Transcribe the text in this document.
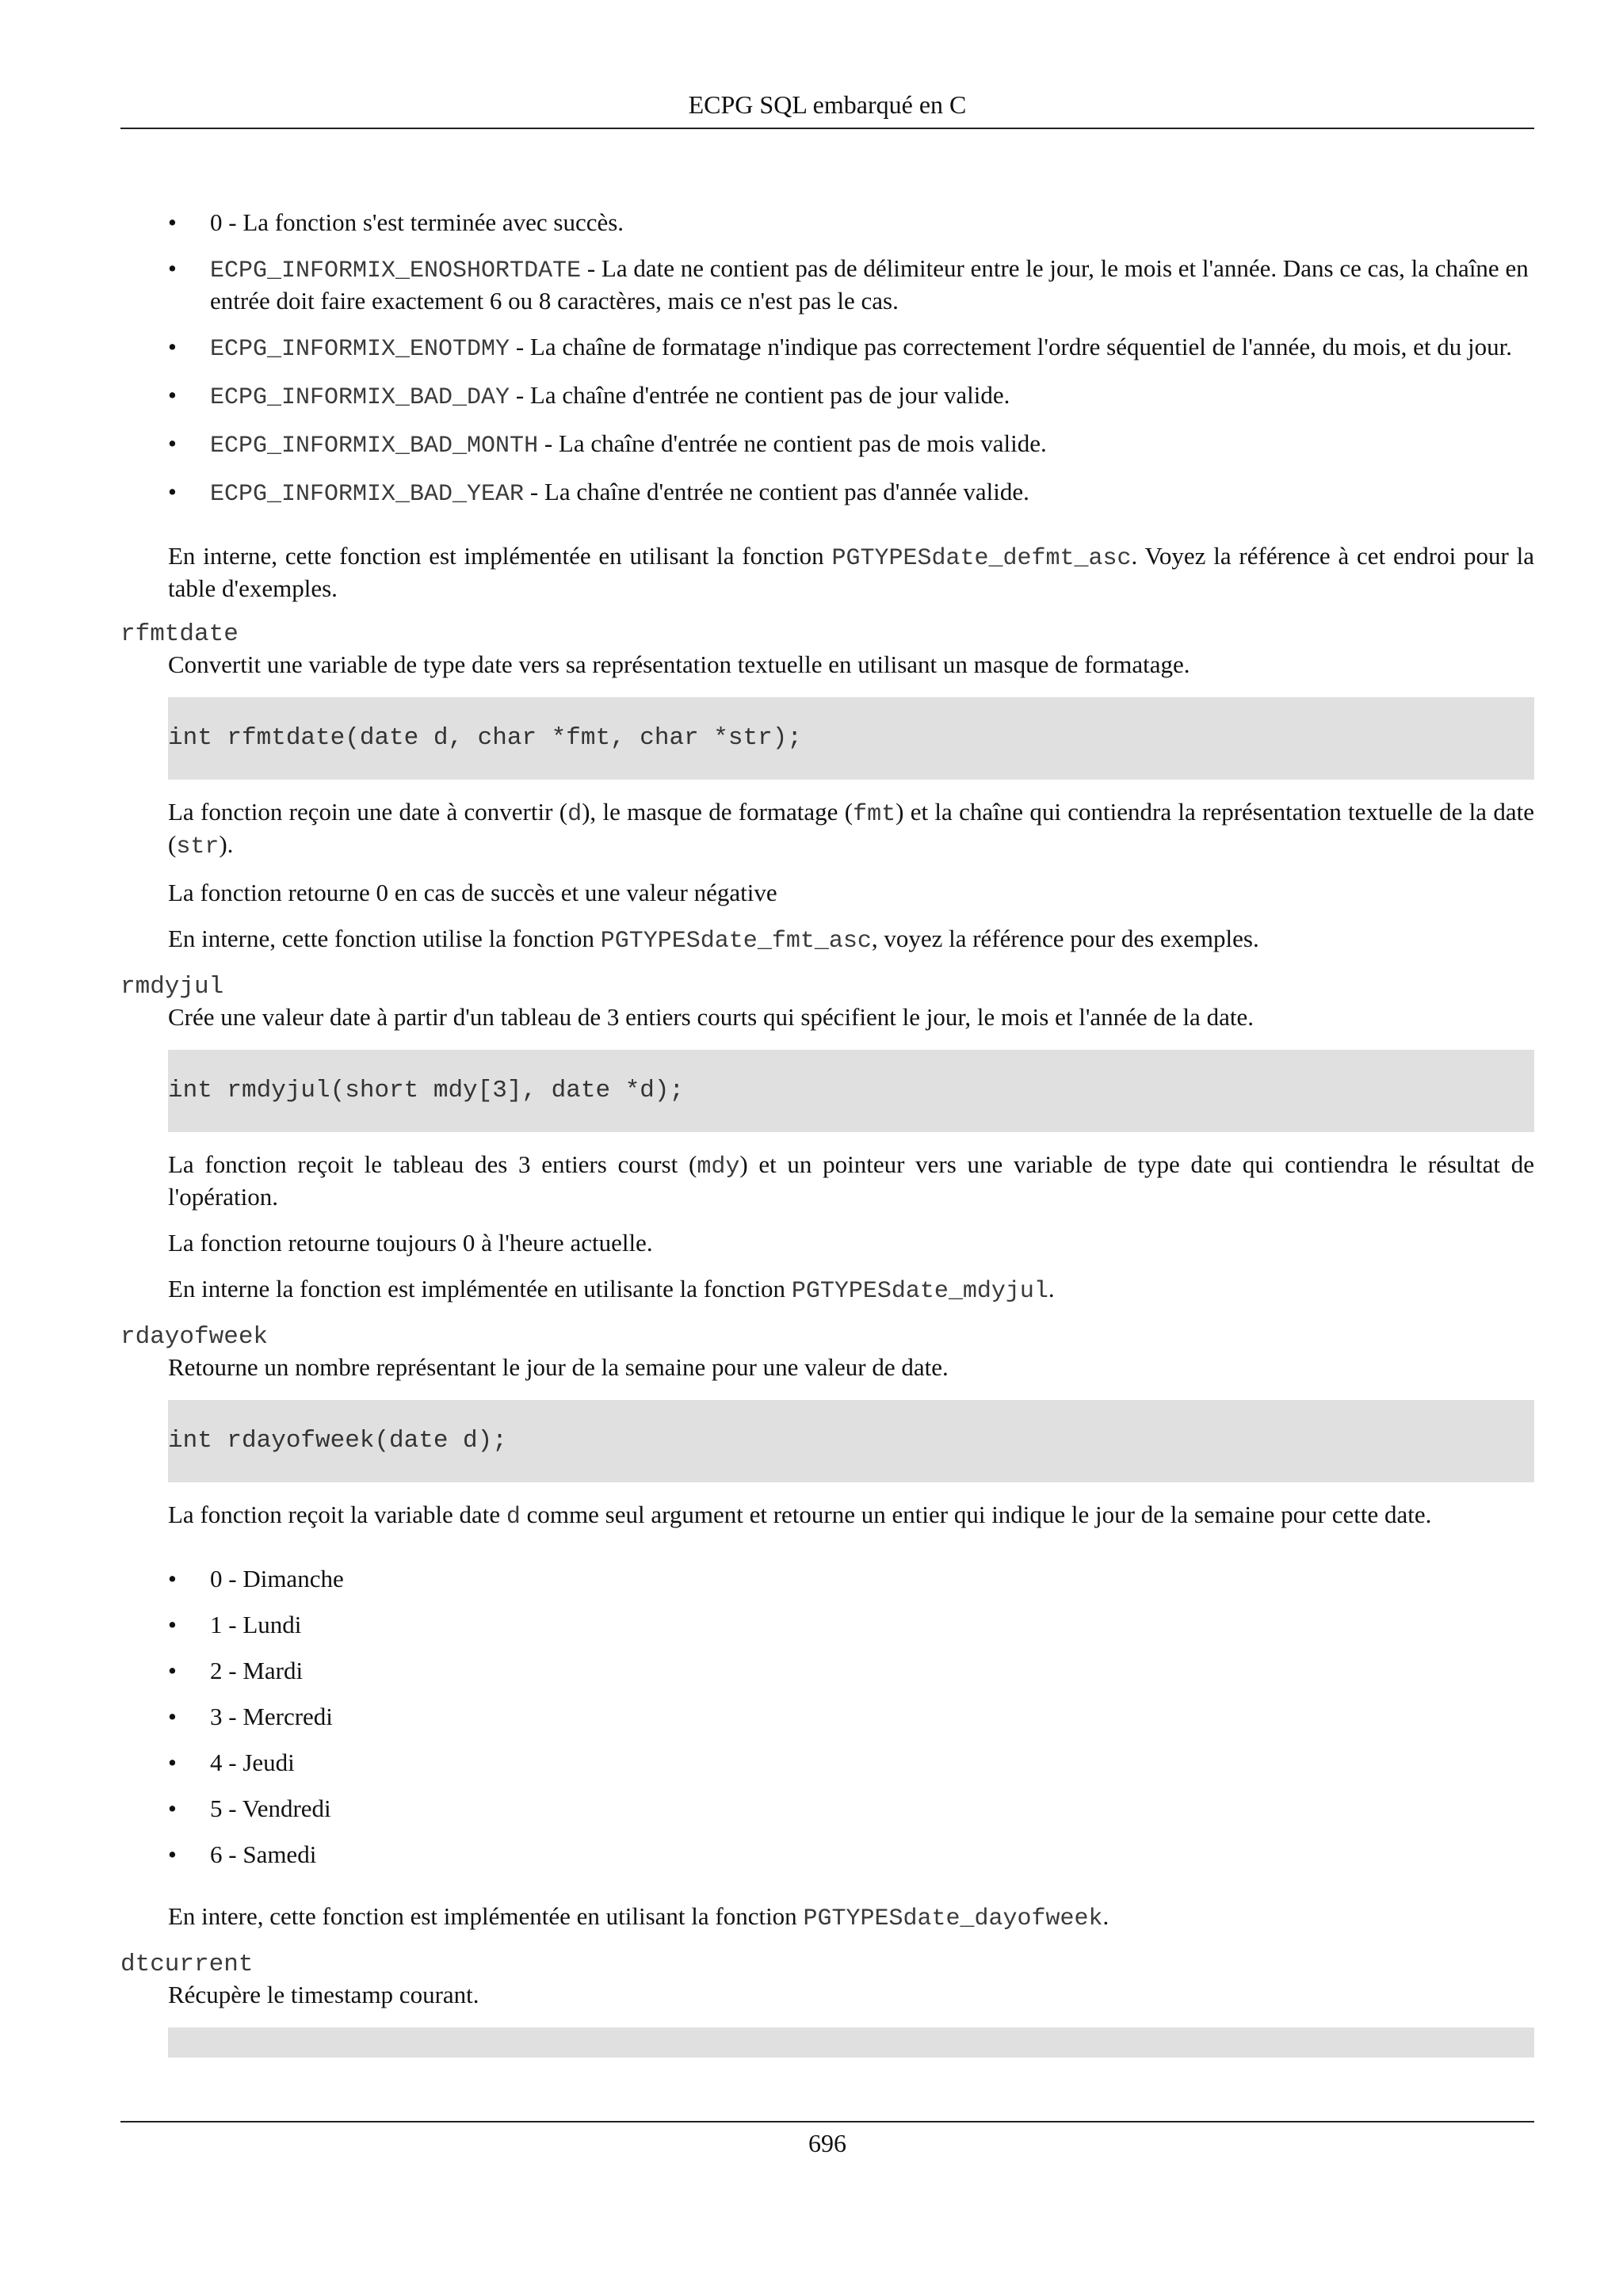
ECPG SQL embarqué en C
• 0 - La fonction s'est terminée avec succès.
• ECPG_INFORMIX_ENOSHORTDATE - La date ne contient pas de délimiteur entre le jour, le mois et l'année. Dans ce cas, la chaîne en entrée doit faire exactement 6 ou 8 caractères, mais ce n'est pas le cas.
• ECPG_INFORMIX_ENOTDMY - La chaîne de formatage n'indique pas correctement l'ordre séquentiel de l'année, du mois, et du jour.
• ECPG_INFORMIX_BAD_DAY - La chaîne d'entrée ne contient pas de jour valide.
• ECPG_INFORMIX_BAD_MONTH - La chaîne d'entrée ne contient pas de mois valide.
• ECPG_INFORMIX_BAD_YEAR - La chaîne d'entrée ne contient pas d'année valide.

En interne, cette fonction est implémentée en utilisant la fonction PGTYPESdate_defmt_asc. Voyez la référence à cet endroi pour la table d'exemples.

rfmtdate
Convertit une variable de type date vers sa représentation textuelle en utilisant un masque de formatage.
int rfmtdate(date d, char *fmt, char *str);

La fonction reçoin une date à convertir (d), le masque de formatage (fmt) et la chaîne qui contiendra la représentation textuelle de la date (str).

La fonction retourne 0 en cas de succès et une valeur négative

En interne, cette fonction utilise la fonction PGTYPESdate_fmt_asc, voyez la référence pour des exemples.

rmdyjul
Crée une valeur date à partir d'un tableau de 3 entiers courts qui spécifient le jour, le mois et l'année de la date.
int rmdyjul(short mdy[3], date *d);

La fonction reçoit le tableau des 3 entiers courst (mdy) et un pointeur vers une variable de type date qui contiendra le résultat de l'opération.

La fonction retourne toujours 0 à l'heure actuelle.

En interne la fonction est implémentée en utilisante la fonction PGTYPESdate_mdyjul.

rdayofweek
Retourne un nombre représentant le jour de la semaine pour une valeur de date.
int rdayofweek(date d);

La fonction reçoit la variable date d comme seul argument et retourne un entier qui indique le jour de la semaine pour cette date.

• 0 - Dimanche
• 1 - Lundi
• 2 - Mardi
• 3 - Mercredi
• 4 - Jeudi
• 5 - Vendredi
• 6 - Samedi

En intere, cette fonction est implémentée en utilisant la fonction PGTYPESdate_dayofweek.

dtcurrent
Récupère le timestamp courant.
696
